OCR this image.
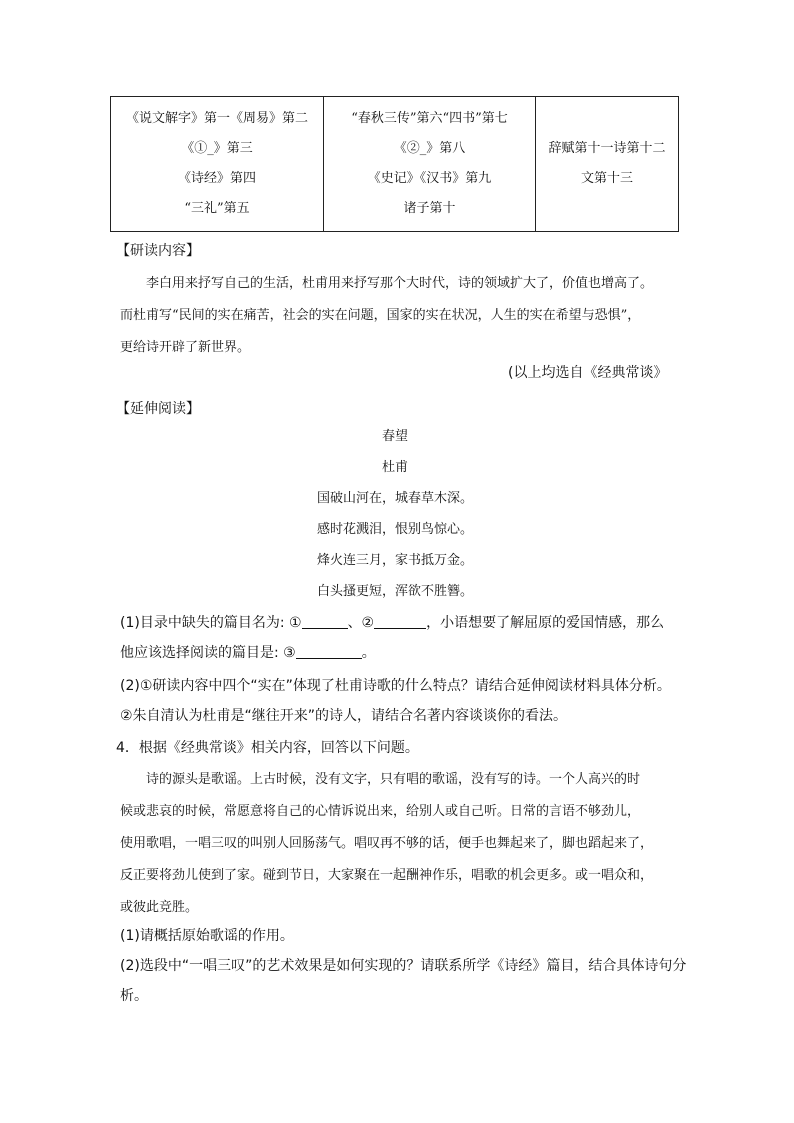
《说文解字》第一《周易》第二
《①_》第三
《诗经》第四
“三礼”第五

“春秋三传”第六“四书”第七
《②_》第八
《史记》《汉书》第九
诸子第十

辞赋第十一诗第十二
文第十三
【研读内容】
李白用来抒写自己的生活，杜甫用来抒写那个大时代，诗的领域扩大了，价值也增高了。
而杜甫写“民间的实在痛苦，社会的实在问题，国家的实在状况，人生的实在希望与恐惧”，
更给诗开辟了新世界。
(以上均选自《经典常谈》
【延伸阅读】
春望
杜甫
国破山河在，城春草木深。
感时花溅泪，恨别鸟惊心。
烽火连三月，家书抵万金。
白头搔更短，浑欲不胜簪。
(1)目录中缺失的篇目名为: ①	、②	，小语想要了解屈原的爱国情感，那么
他应该选择阅读的篇目是: ③	。
(2)①研读内容中四个“实在”体现了杜甫诗歌的什么特点？请结合延伸阅读材料具体分析。
②朱自清认为杜甫是“继往开来”的诗人，请结合名著内容谈谈你的看法。
4．根据《经典常谈》相关内容，回答以下问题。
诗的源头是歌谣。上古时候，没有文字，只有唱的歌谣，没有写的诗。一个人高兴的时
候或悲哀的时候，常愿意将自己的心情诉说出来，给别人或自己听。日常的言语不够劲儿，
使用歌唱，一唱三叹的叫别人回肠荡气。唱叹再不够的话，便手也舞起来了，脚也蹈起来了，
反正要将劲儿使到了家。碰到节日，大家聚在一起酬神作乐，唱歌的机会更多。或一唱众和，
或彼此竞胜。
(1)请概括原始歌谣的作用。
(2)选段中“一唱三叹”的艺术效果是如何实现的？请联系所学《诗经》篇目，结合具体诗句分
析。
